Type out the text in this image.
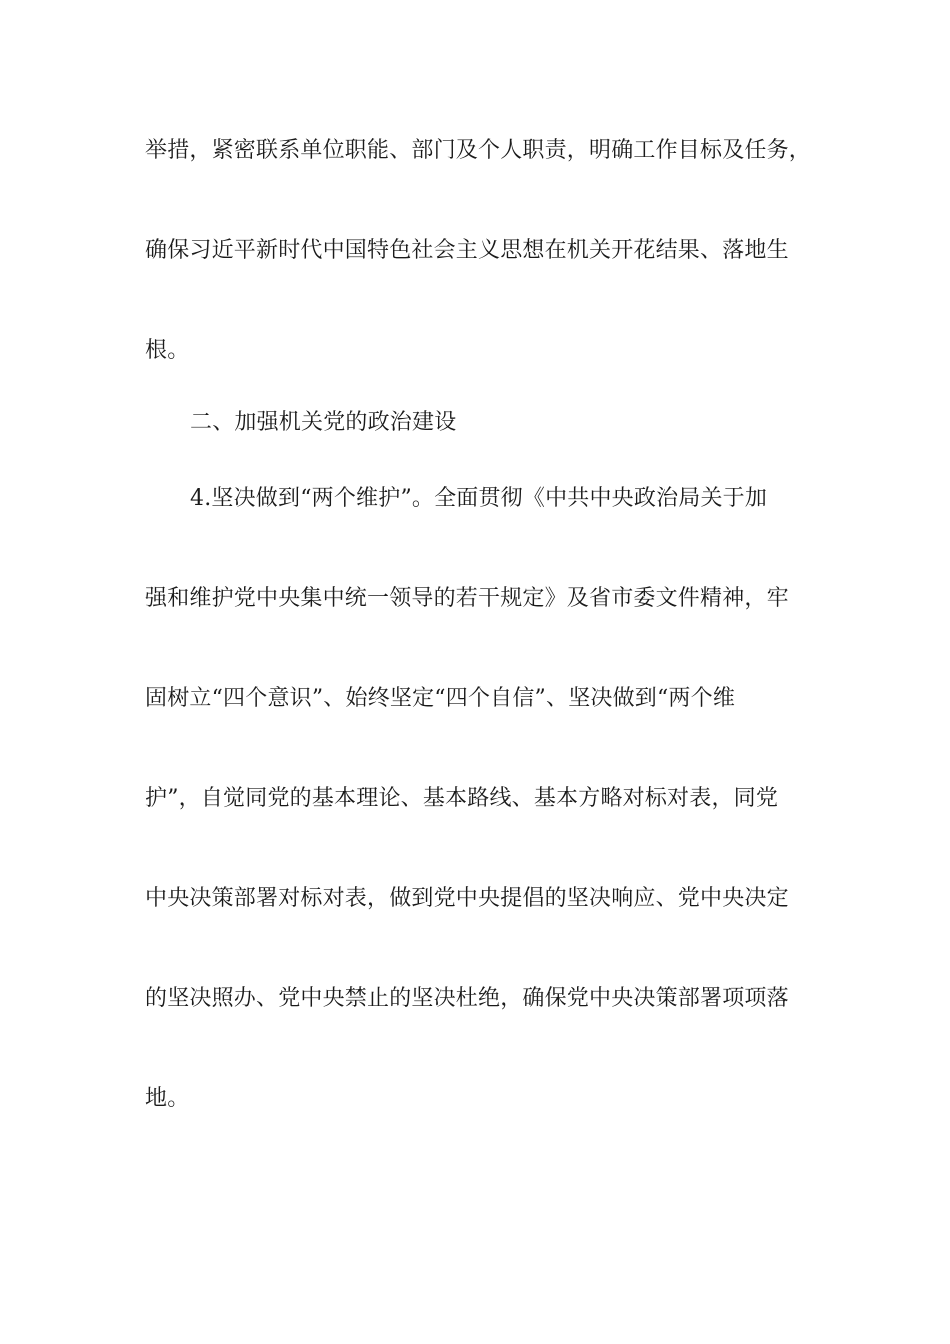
举措，紧密联系单位职能、部门及个人职责，明确工作目标及任务，
确保习近平新时代中国特色社会主义思想在机关开花结果、落地生
根。
二、加强机关党的政治建设
4.坚决做到“两个维护”。全面贯彻《中共中央政治局关于加
强和维护党中央集中统一领导的若干规定》及省市委文件精神，牢
固树立“四个意识”、始终坚定“四个自信”、坚决做到“两个维
护”，自觉同党的基本理论、基本路线、基本方略对标对表，同党
中央决策部署对标对表，做到党中央提倡的坚决响应、党中央决定
的坚决照办、党中央禁止的坚决杜绝，确保党中央决策部署项项落
地。
